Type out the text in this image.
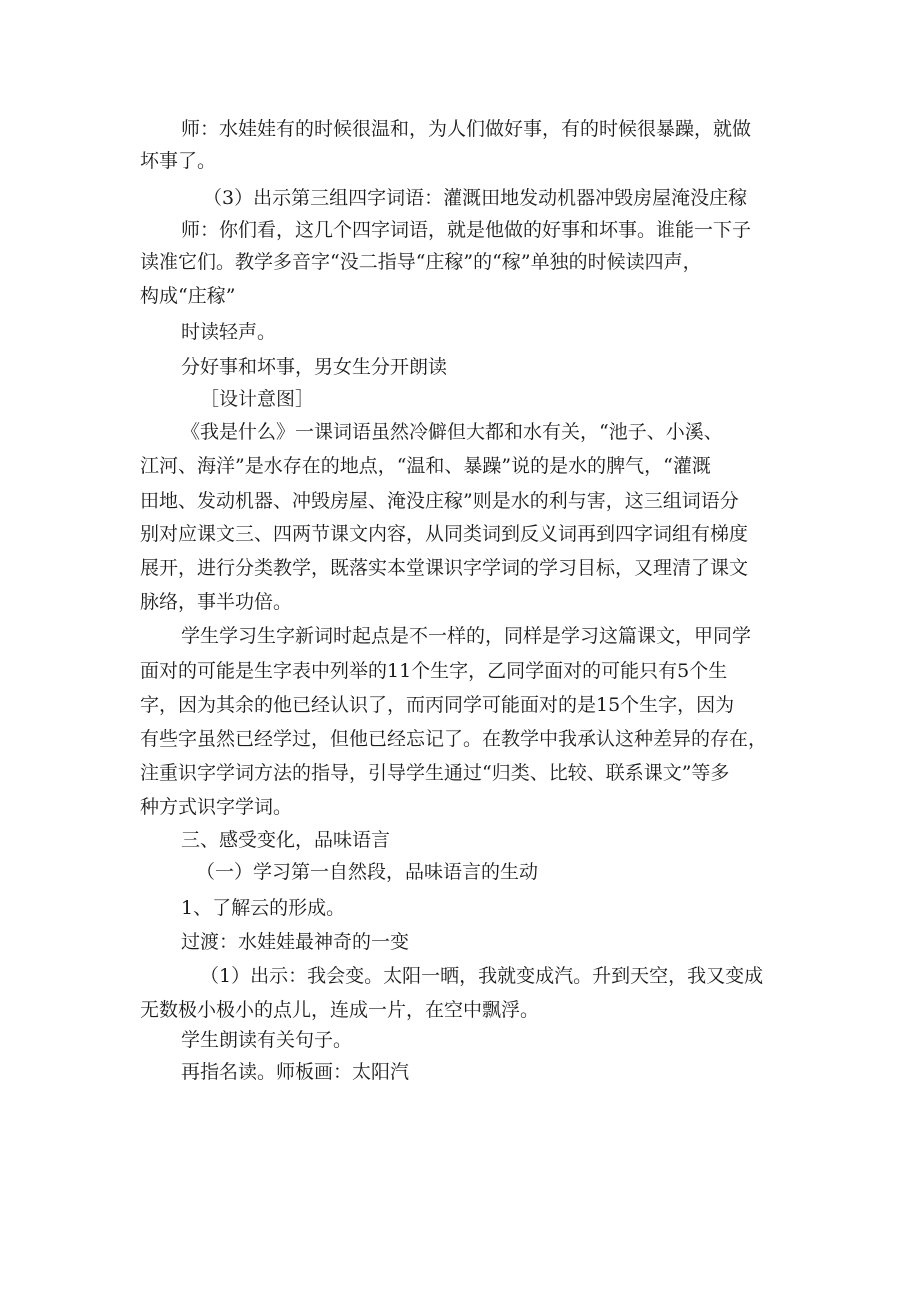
师：水娃娃有的时候很温和，为人们做好事，有的时候很暴躁，就做
坏事了。
（3）出示第三组四字词语：灌溉田地发动机器冲毁房屋淹没庄稼
师：你们看，这几个四字词语，就是他做的好事和坏事。谁能一下子
读准它们。教学多音字“没二指导“庄稼”的“稼”单独的时候读四声，
构成“庄稼”
时读轻声。
分好事和坏事，男女生分开朗读
［设计意图］
《我是什么》一课词语虽然冷僻但大都和水有关，“池子、小溪、
江河、海洋”是水存在的地点，“温和、暴躁”说的是水的脾气，“灌溉
田地、发动机器、冲毁房屋、淹没庄稼”则是水的利与害，这三组词语分
别对应课文三、四两节课文内容，从同类词到反义词再到四字词组有梯度
展开，进行分类教学，既落实本堂课识字学词的学习目标，又理清了课文
脉络，事半功倍。
学生学习生字新词时起点是不一样的，同样是学习这篇课文，甲同学
面对的可能是生字表中列举的11个生字，乙同学面对的可能只有5个生
字，因为其余的他已经认识了，而丙同学可能面对的是15个生字，因为
有些字虽然已经学过，但他已经忘记了。在教学中我承认这种差异的存在，
注重识字学词方法的指导，引导学生通过“归类、比较、联系课文”等多
种方式识字学词。
三、感受变化，品味语言
（一）学习第一自然段，品味语言的生动
1、了解云的形成。
过渡：水娃娃最神奇的一变
（1）出示：我会变。太阳一晒，我就变成汽。升到天空，我又变成
无数极小极小的点儿，连成一片，在空中飘浮。
学生朗读有关句子。
再指名读。师板画：太阳汽
